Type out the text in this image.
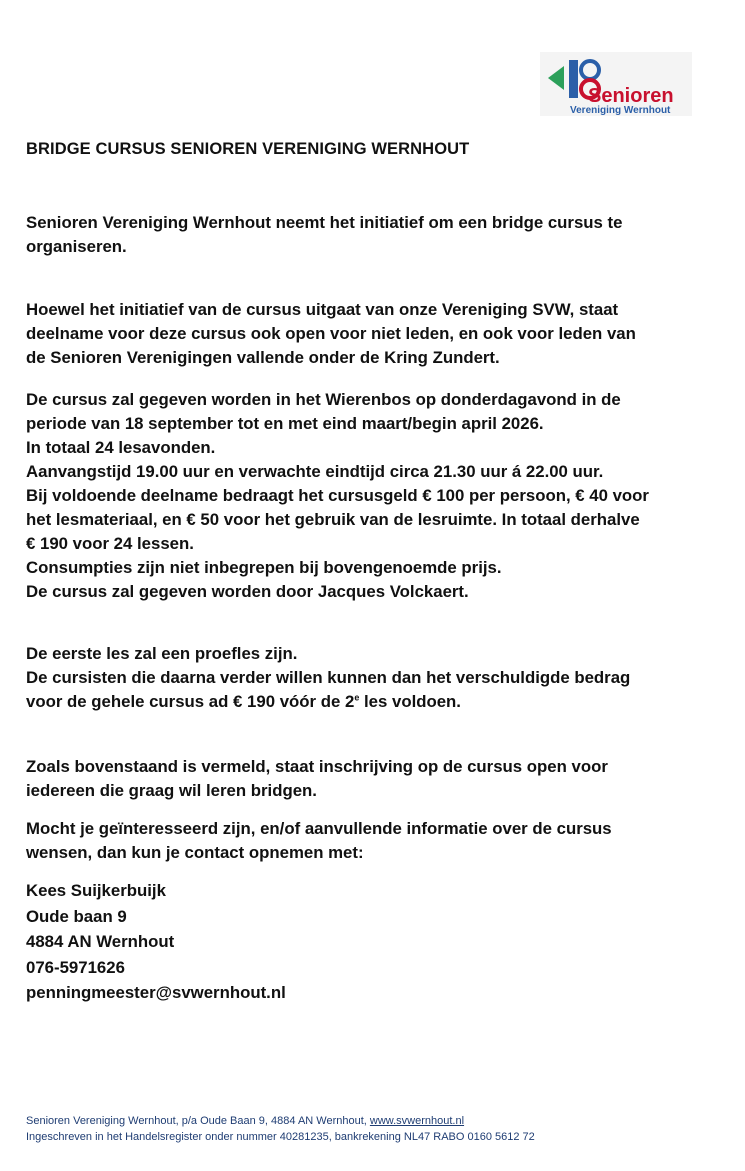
Senioren
Vereniging Wernhout
BRIDGE CURSUS SENIOREN VERENIGING WERNHOUT

Senioren Vereniging Wernhout neemt het initiatief om een bridge cursus te

organiseren.

Hoewel het initiatief van de cursus uitgaat van onze Vereniging SVW, staat

deelname voor deze cursus ook open voor niet leden, en ook voor leden van

de Senioren Verenigingen vallende onder de Kring Zundert.

De cursus zal gegeven worden in het Wierenbos op donderdagavond in de

periode van 18 september tot en met eind maart/begin april 2026.

In totaal 24 lesavonden.

Aanvangstijd 19.00 uur en verwachte eindtijd circa 21.30 uur á 22.00 uur.

Bij voldoende deelname bedraagt het cursusgeld € 100 per persoon, € 40 voor

het lesmateriaal, en € 50 voor het gebruik van de lesruimte. In totaal derhalve

€ 190 voor 24 lessen.

Consumpties zijn niet inbegrepen bij bovengenoemde prijs.

De cursus zal gegeven worden door Jacques Volckaert.

De eerste les zal een proefles zijn.

De cursisten die daarna verder willen kunnen dan het verschuldigde bedrag

voor de gehele cursus ad € 190 vóór de 2e les voldoen.

Zoals bovenstaand is vermeld, staat inschrijving op de cursus open voor

iedereen die graag wil leren bridgen.

Mocht je geïnteresseerd zijn, en/of aanvullende informatie over de cursus

wensen, dan kun je contact opnemen met:

Kees Suijkerbuijk

Oude baan 9

4884 AN Wernhout

076-5971626

penningmeester@svwernhout.nl

Senioren Vereniging Wernhout, p/a Oude Baan 9, 4884 AN Wernhout, www.svwernhout.nl
Ingeschreven in het Handelsregister onder nummer 40281235, bankrekening NL47 RABO 0160 5612 72
